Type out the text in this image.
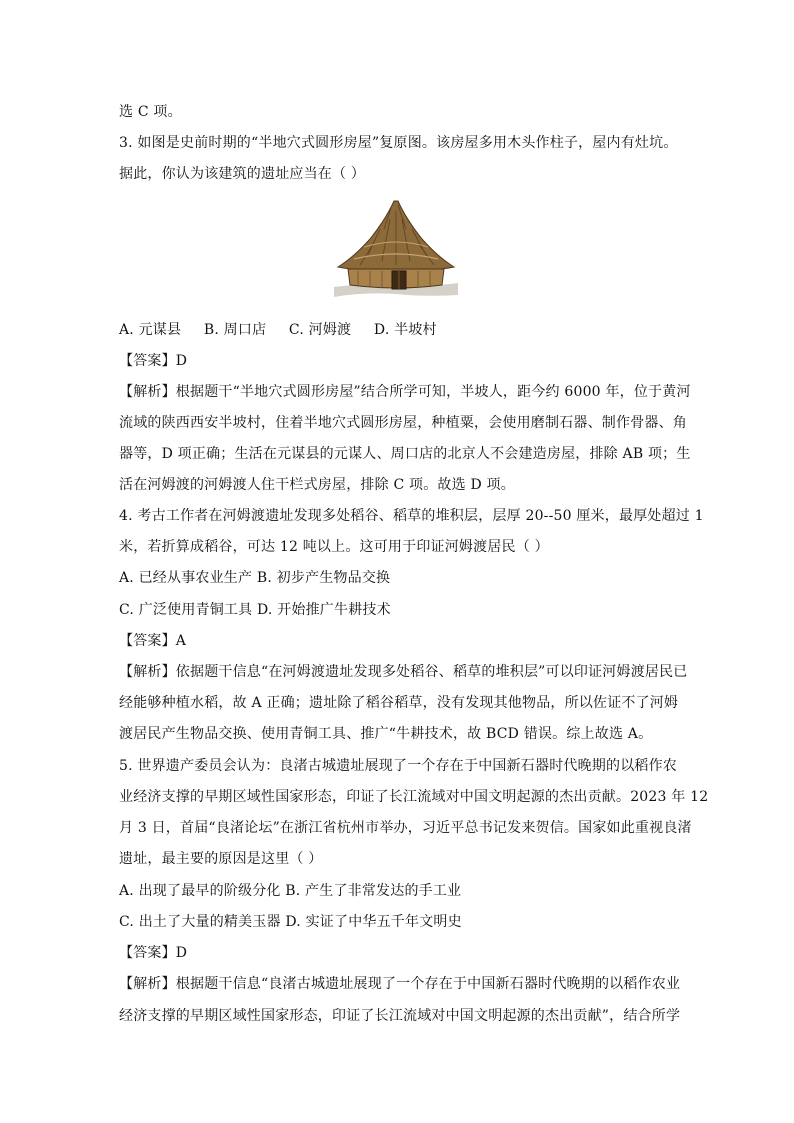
选 C 项。
3. 如图是史前时期的“半地穴式圆形房屋”复原图。该房屋多用木头作柱子，屋内有灶坑。
据此，你认为该建筑的遗址应当在（ ）
A. 元谋县 B. 周口店 C. 河姆渡 D. 半坡村
【答案】D
【解析】根据题干“半地穴式圆形房屋”结合所学可知，半坡人，距今约 6000 年，位于黄河
流域的陕西西安半坡村，住着半地穴式圆形房屋，种植粟，会使用磨制石器、制作骨器、角
器等，D 项正确；生活在元谋县的元谋人、周口店的北京人不会建造房屋，排除 AB 项；生
活在河姆渡的河姆渡人住干栏式房屋，排除 C 项。故选 D 项。
4. 考古工作者在河姆渡遗址发现多处稻谷、稻草的堆积层，层厚 20--50 厘米，最厚处超过 1
米，若折算成稻谷，可达 12 吨以上。这可用于印证河姆渡居民（ ）
A. 已经从事农业生产 B. 初步产生物品交换
C. 广泛使用青铜工具 D. 开始推广牛耕技术
【答案】A
【解析】依据题干信息“在河姆渡遗址发现多处稻谷、稻草的堆积层”可以印证河姆渡居民已
经能够种植水稻，故 A 正确；遗址除了稻谷稻草，没有发现其他物品，所以佐证不了河姆
渡居民产生物品交换、使用青铜工具、推广“牛耕技术，故 BCD 错误。综上故选 A。
5. 世界遗产委员会认为：良渚古城遗址展现了一个存在于中国新石器时代晚期的以稻作农
业经济支撑的早期区域性国家形态，印证了长江流域对中国文明起源的杰出贡献。2023 年 12
月 3 日，首届“良渚论坛”在浙江省杭州市举办，习近平总书记发来贺信。国家如此重视良渚
遗址，最主要的原因是这里（ ）
A. 出现了最早的阶级分化 B. 产生了非常发达的手工业
C. 出土了大量的精美玉器 D. 实证了中华五千年文明史
【答案】D
【解析】根据题干信息“良渚古城遗址展现了一个存在于中国新石器时代晚期的以稻作农业
经济支撑的早期区域性国家形态，印证了长江流域对中国文明起源的杰出贡献”，结合所学
